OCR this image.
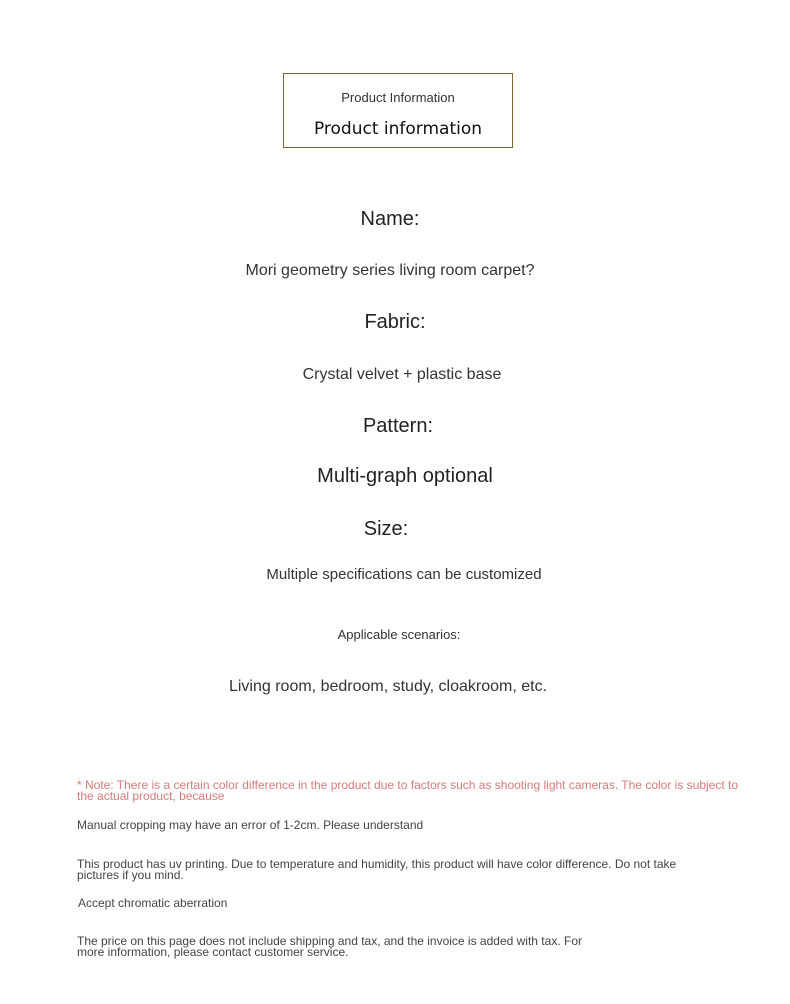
Product Information
Product information
Name:
Mori geometry series living room carpet?
Fabric:
Crystal velvet + plastic base
Pattern:
Multi-graph optional
Size:
Multiple specifications can be customized
Applicable scenarios:
Living room, bedroom, study, cloakroom, etc.
* Note: There is a certain color difference in the product due to factors such as shooting light cameras. The color is subject to the actual product, because
Manual cropping may have an error of 1-2cm. Please understand
This product has uv printing. Due to temperature and humidity, this product will have color difference. Do not take pictures if you mind.
Accept chromatic aberration
The price on this page does not include shipping and tax, and the invoice is added with tax. For more information, please contact customer service.
